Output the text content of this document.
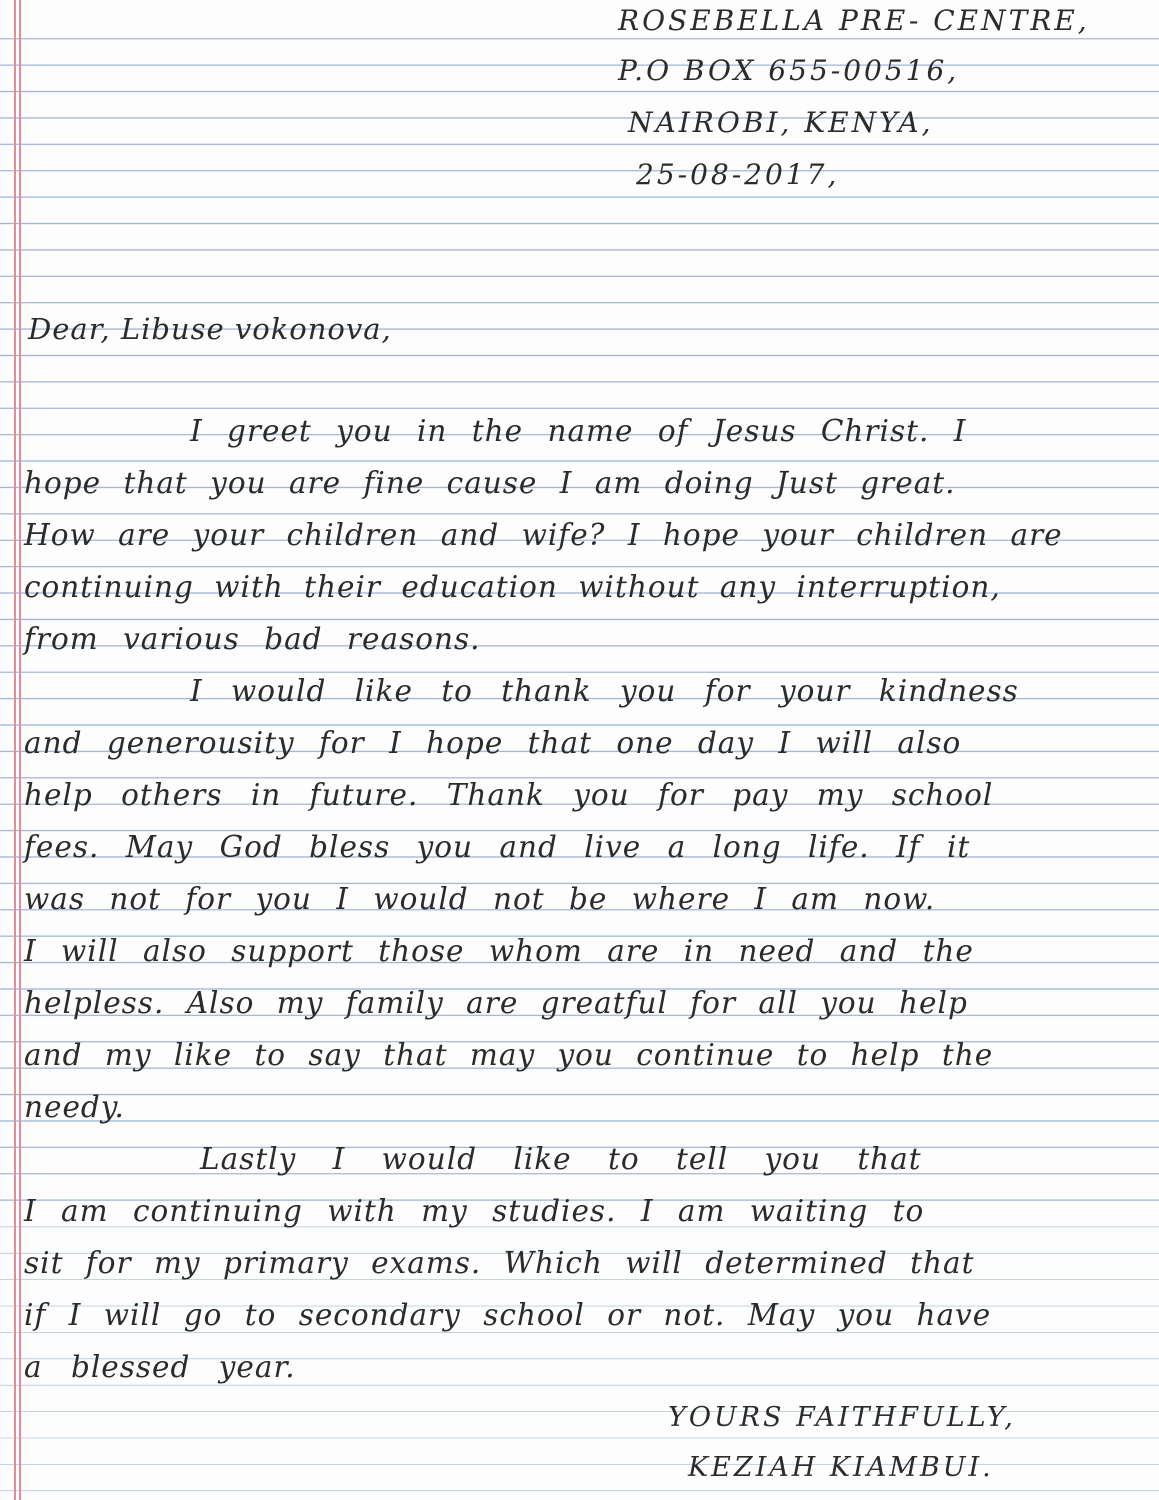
ROSEBELLA PRE- CENTRE,
P.O BOX 655-00516,
NAIROBI, KENYA,
25-08-2017,
Dear, Libuse vokonova,
I greet you in the name of Jesus Christ. I
hope that you are fine cause I am doing Just great.
How are your children and wife? I hope your children are
continuing with their education without any interruption,
from various bad reasons.
I would like to thank you for your kindness
and generousity for I hope that one day I will also
help others in future. Thank you for pay my school
fees. May God bless you and live a long life. If it
was not for you I would not be where I am now.
I will also support those whom are in need and the
helpless. Also my family are greatful for all you help
and my like to say that may you continue to help the
needy.
Lastly I would like to tell you that
I am continuing with my studies. I am waiting to
sit for my primary exams. Which will determined that
if I will go to secondary school or not. May you have
a blessed year.
YOURS FAITHFULLY,
KEZIAH KIAMBUI.
